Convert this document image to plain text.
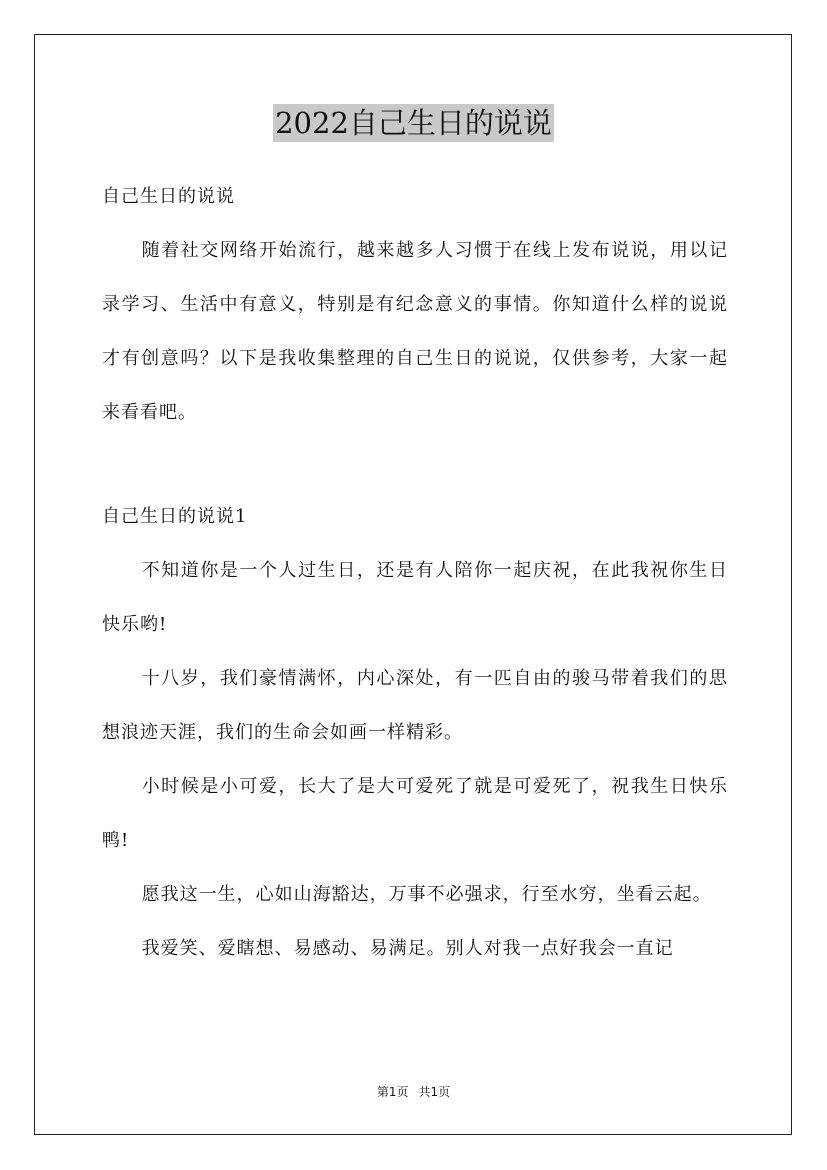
2022自己生日的说说

自己生日的说说

随着社交网络开始流行，越来越多人习惯于在线上发布说说，用以记录学习、生活中有意义，特别是有纪念意义的事情。你知道什么样的说说才有创意吗？以下是我收集整理的自己生日的说说，仅供参考，大家一起来看看吧。

自己生日的说说1

不知道你是一个人过生日，还是有人陪你一起庆祝，在此我祝你生日快乐哟!

十八岁，我们豪情满怀，内心深处，有一匹自由的骏马带着我们的思想浪迹天涯，我们的生命会如画一样精彩。

小时候是小可爱，长大了是大可爱死了就是可爱死了，祝我生日快乐鸭!

愿我这一生，心如山海豁达，万事不必强求，行至水穷，坐看云起。

我爱笑、爱瞎想、易感动、易满足。别人对我一点好我会一直记

第1页 共1页
